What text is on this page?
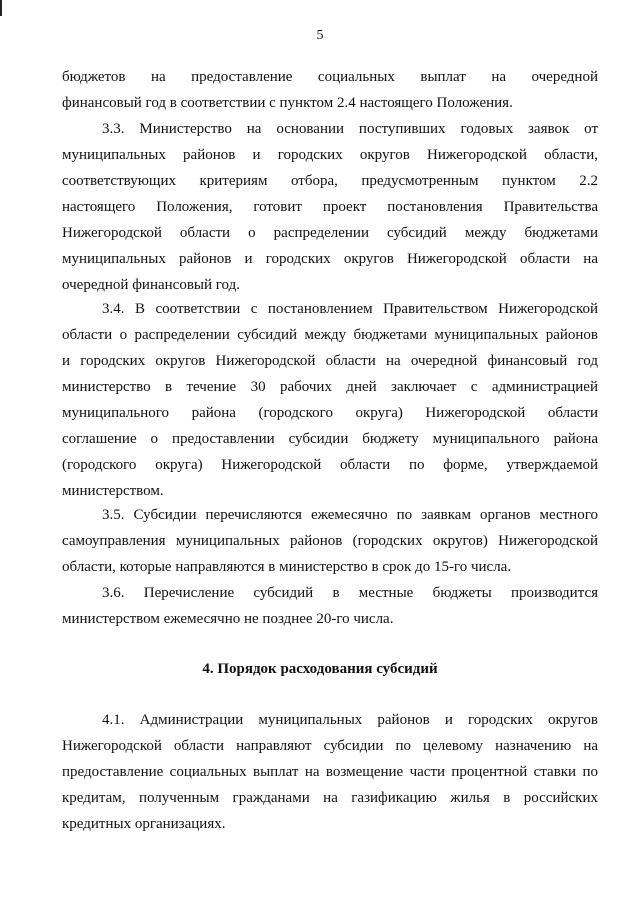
5
бюджетов на предоставление социальных выплат на очередной
финансовый год в соответствии с пунктом 2.4 настоящего Положения.
3.3. Министерство на основании поступивших годовых заявок от
муниципальных районов и городских округов Нижегородской области,
соответствующих критериям отбора, предусмотренным пунктом 2.2
настоящего Положения, готовит проект постановления Правительства
Нижегородской области о распределении субсидий между бюджетами
муниципальных районов и городских округов Нижегородской области на
очередной финансовый год.
3.4. В соответствии с постановлением Правительством Нижегородской
области о распределении субсидий между бюджетами муниципальных районов
и городских округов Нижегородской области на очередной финансовый год
министерство в течение 30 рабочих дней заключает с администрацией
муниципального района (городского округа) Нижегородской области
соглашение о предоставлении субсидии бюджету муниципального района
(городского округа) Нижегородской области по форме, утверждаемой
министерством.
3.5. Субсидии перечисляются ежемесячно по заявкам органов местного
самоуправления муниципальных районов (городских округов) Нижегородской
области, которые направляются в министерство в срок до 15-го числа.
3.6. Перечисление субсидий в местные бюджеты производится
министерством ежемесячно не позднее 20-го числа.
4. Порядок расходования субсидий
4.1. Администрации муниципальных районов и городских округов
Нижегородской области направляют субсидии по целевому назначению на
предоставление социальных выплат на возмещение части процентной ставки по
кредитам, полученным гражданами на газификацию жилья в российских
кредитных организациях.
